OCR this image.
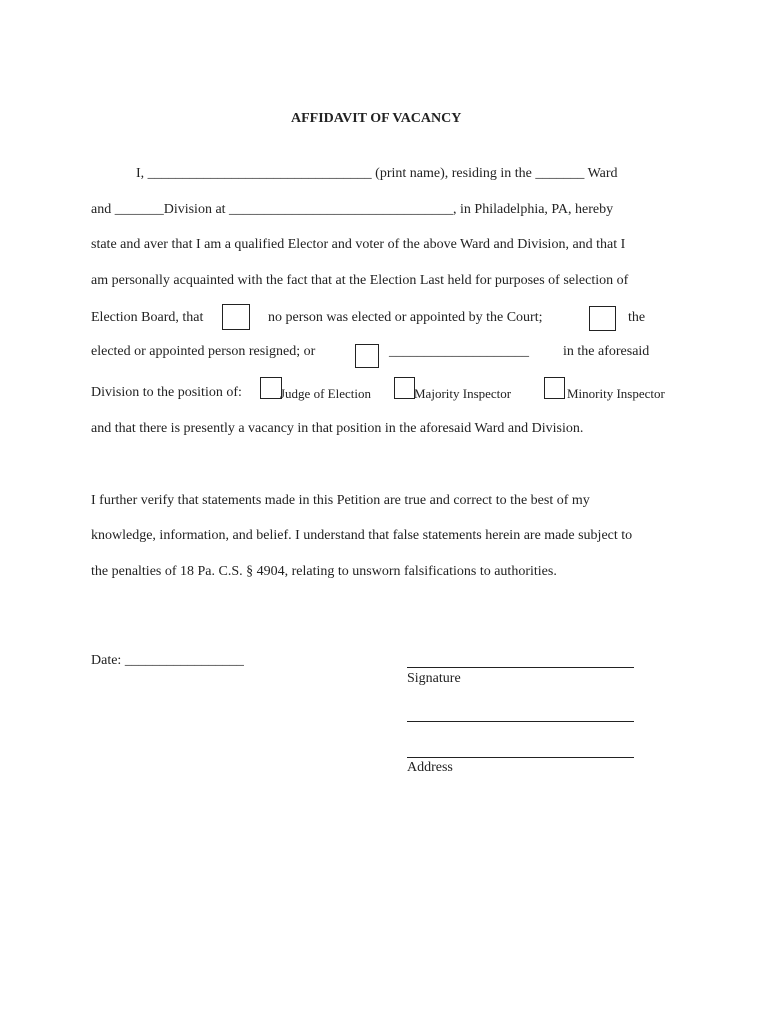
AFFIDAVIT OF VACANCY
I, ________________________________ (print name), residing in the _______ Ward
and _______Division at ________________________________, in Philadelphia, PA, hereby
state and aver that I am a qualified Elector and voter of the above Ward and Division, and that I
am personally acquainted with the fact that at the Election Last held for purposes of selection of
Election Board, that	no person was elected or appointed by the Court;	the
elected or appointed person resigned; or	____________________ in the aforesaid
Division to the position of:	Judge of Election	Majority Inspector	Minority Inspector
and that there is presently a vacancy in that position in the aforesaid Ward and Division.
I further verify that statements made in this Petition are true and correct to the best of my
knowledge, information, and belief. I understand that false statements herein are made subject to
the penalties of 18 Pa. C.S. § 4904, relating to unsworn falsifications to authorities.
Date: _________________
Signature
Address
